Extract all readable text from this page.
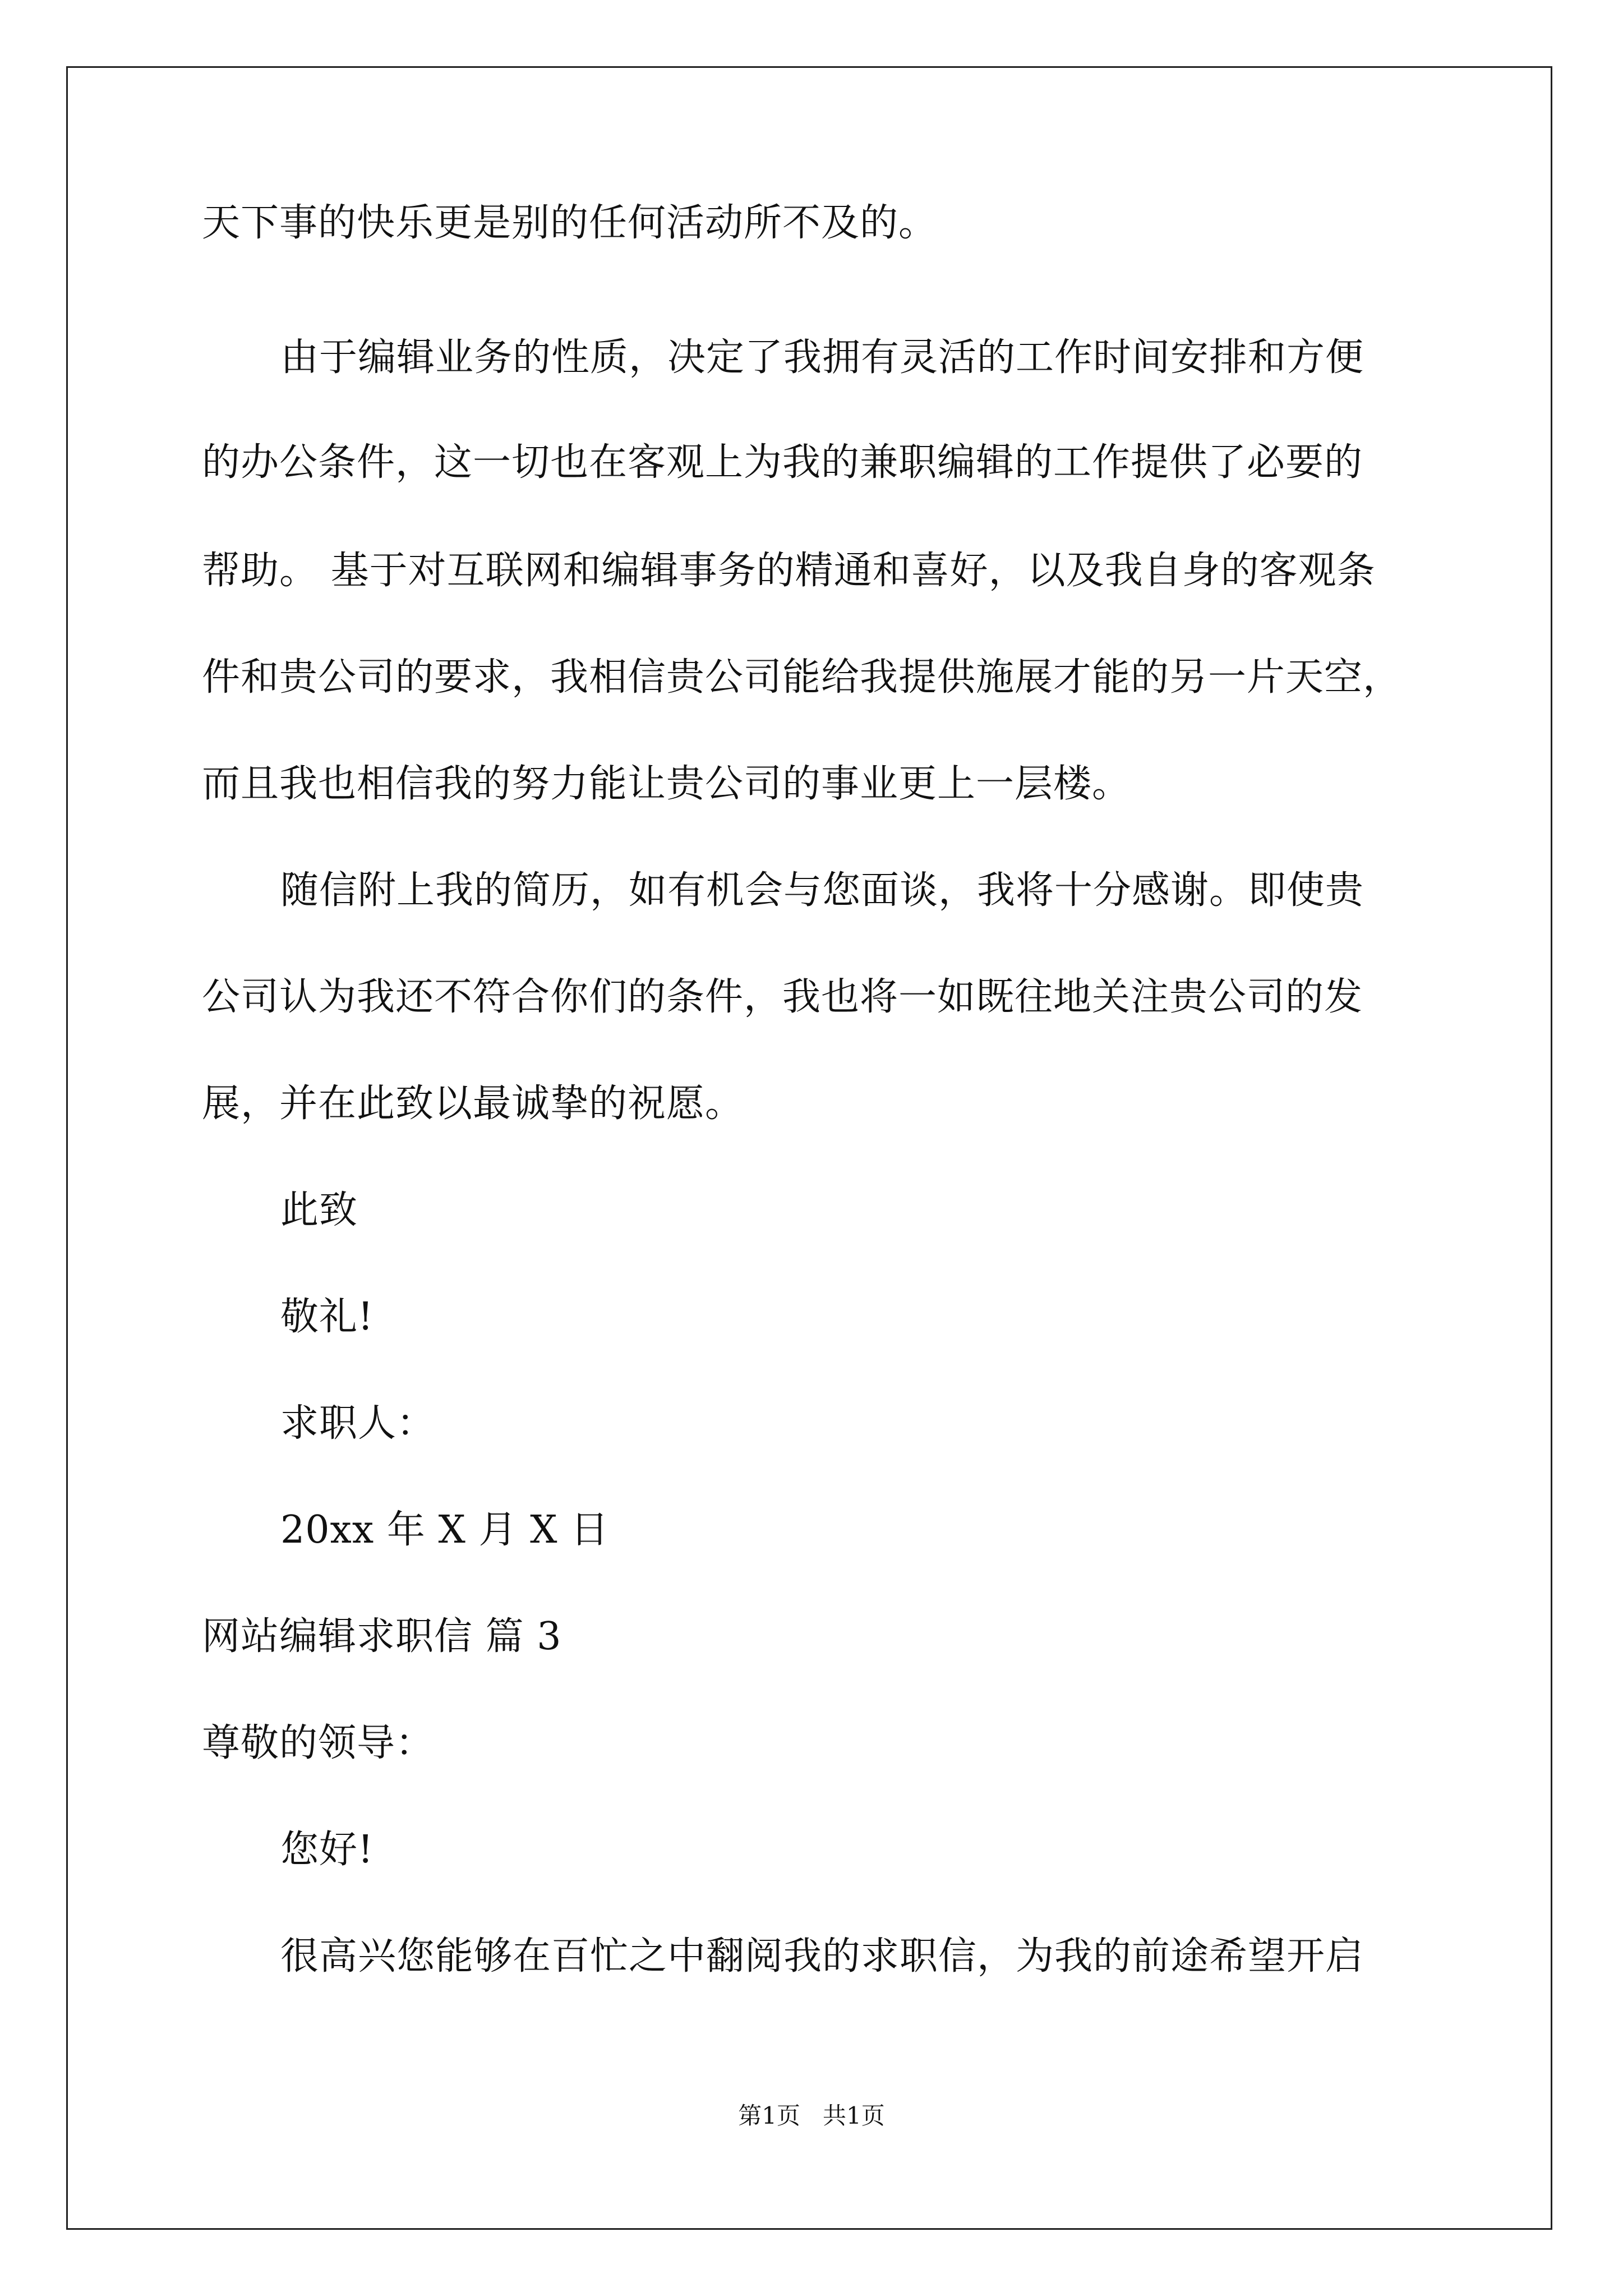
天下事的快乐更是别的任何活动所不及的。
由于编辑业务的性质，决定了我拥有灵活的工作时间安排和方便
的办公条件，这一切也在客观上为我的兼职编辑的工作提供了必要的
帮助。 基于对互联网和编辑事务的精通和喜好，以及我自身的客观条
件和贵公司的要求，我相信贵公司能给我提供施展才能的另一片天空，
而且我也相信我的努力能让贵公司的事业更上一层楼。
随信附上我的简历，如有机会与您面谈，我将十分感谢。即使贵
公司认为我还不符合你们的条件，我也将一如既往地关注贵公司的发
展，并在此致以最诚挚的祝愿。
此致
敬礼!
求职人：
20xx 年 X 月 X 日
网站编辑求职信 篇 3
尊敬的领导：
您好!
很高兴您能够在百忙之中翻阅我的求职信，为我的前途希望开启
第1页   共1页
